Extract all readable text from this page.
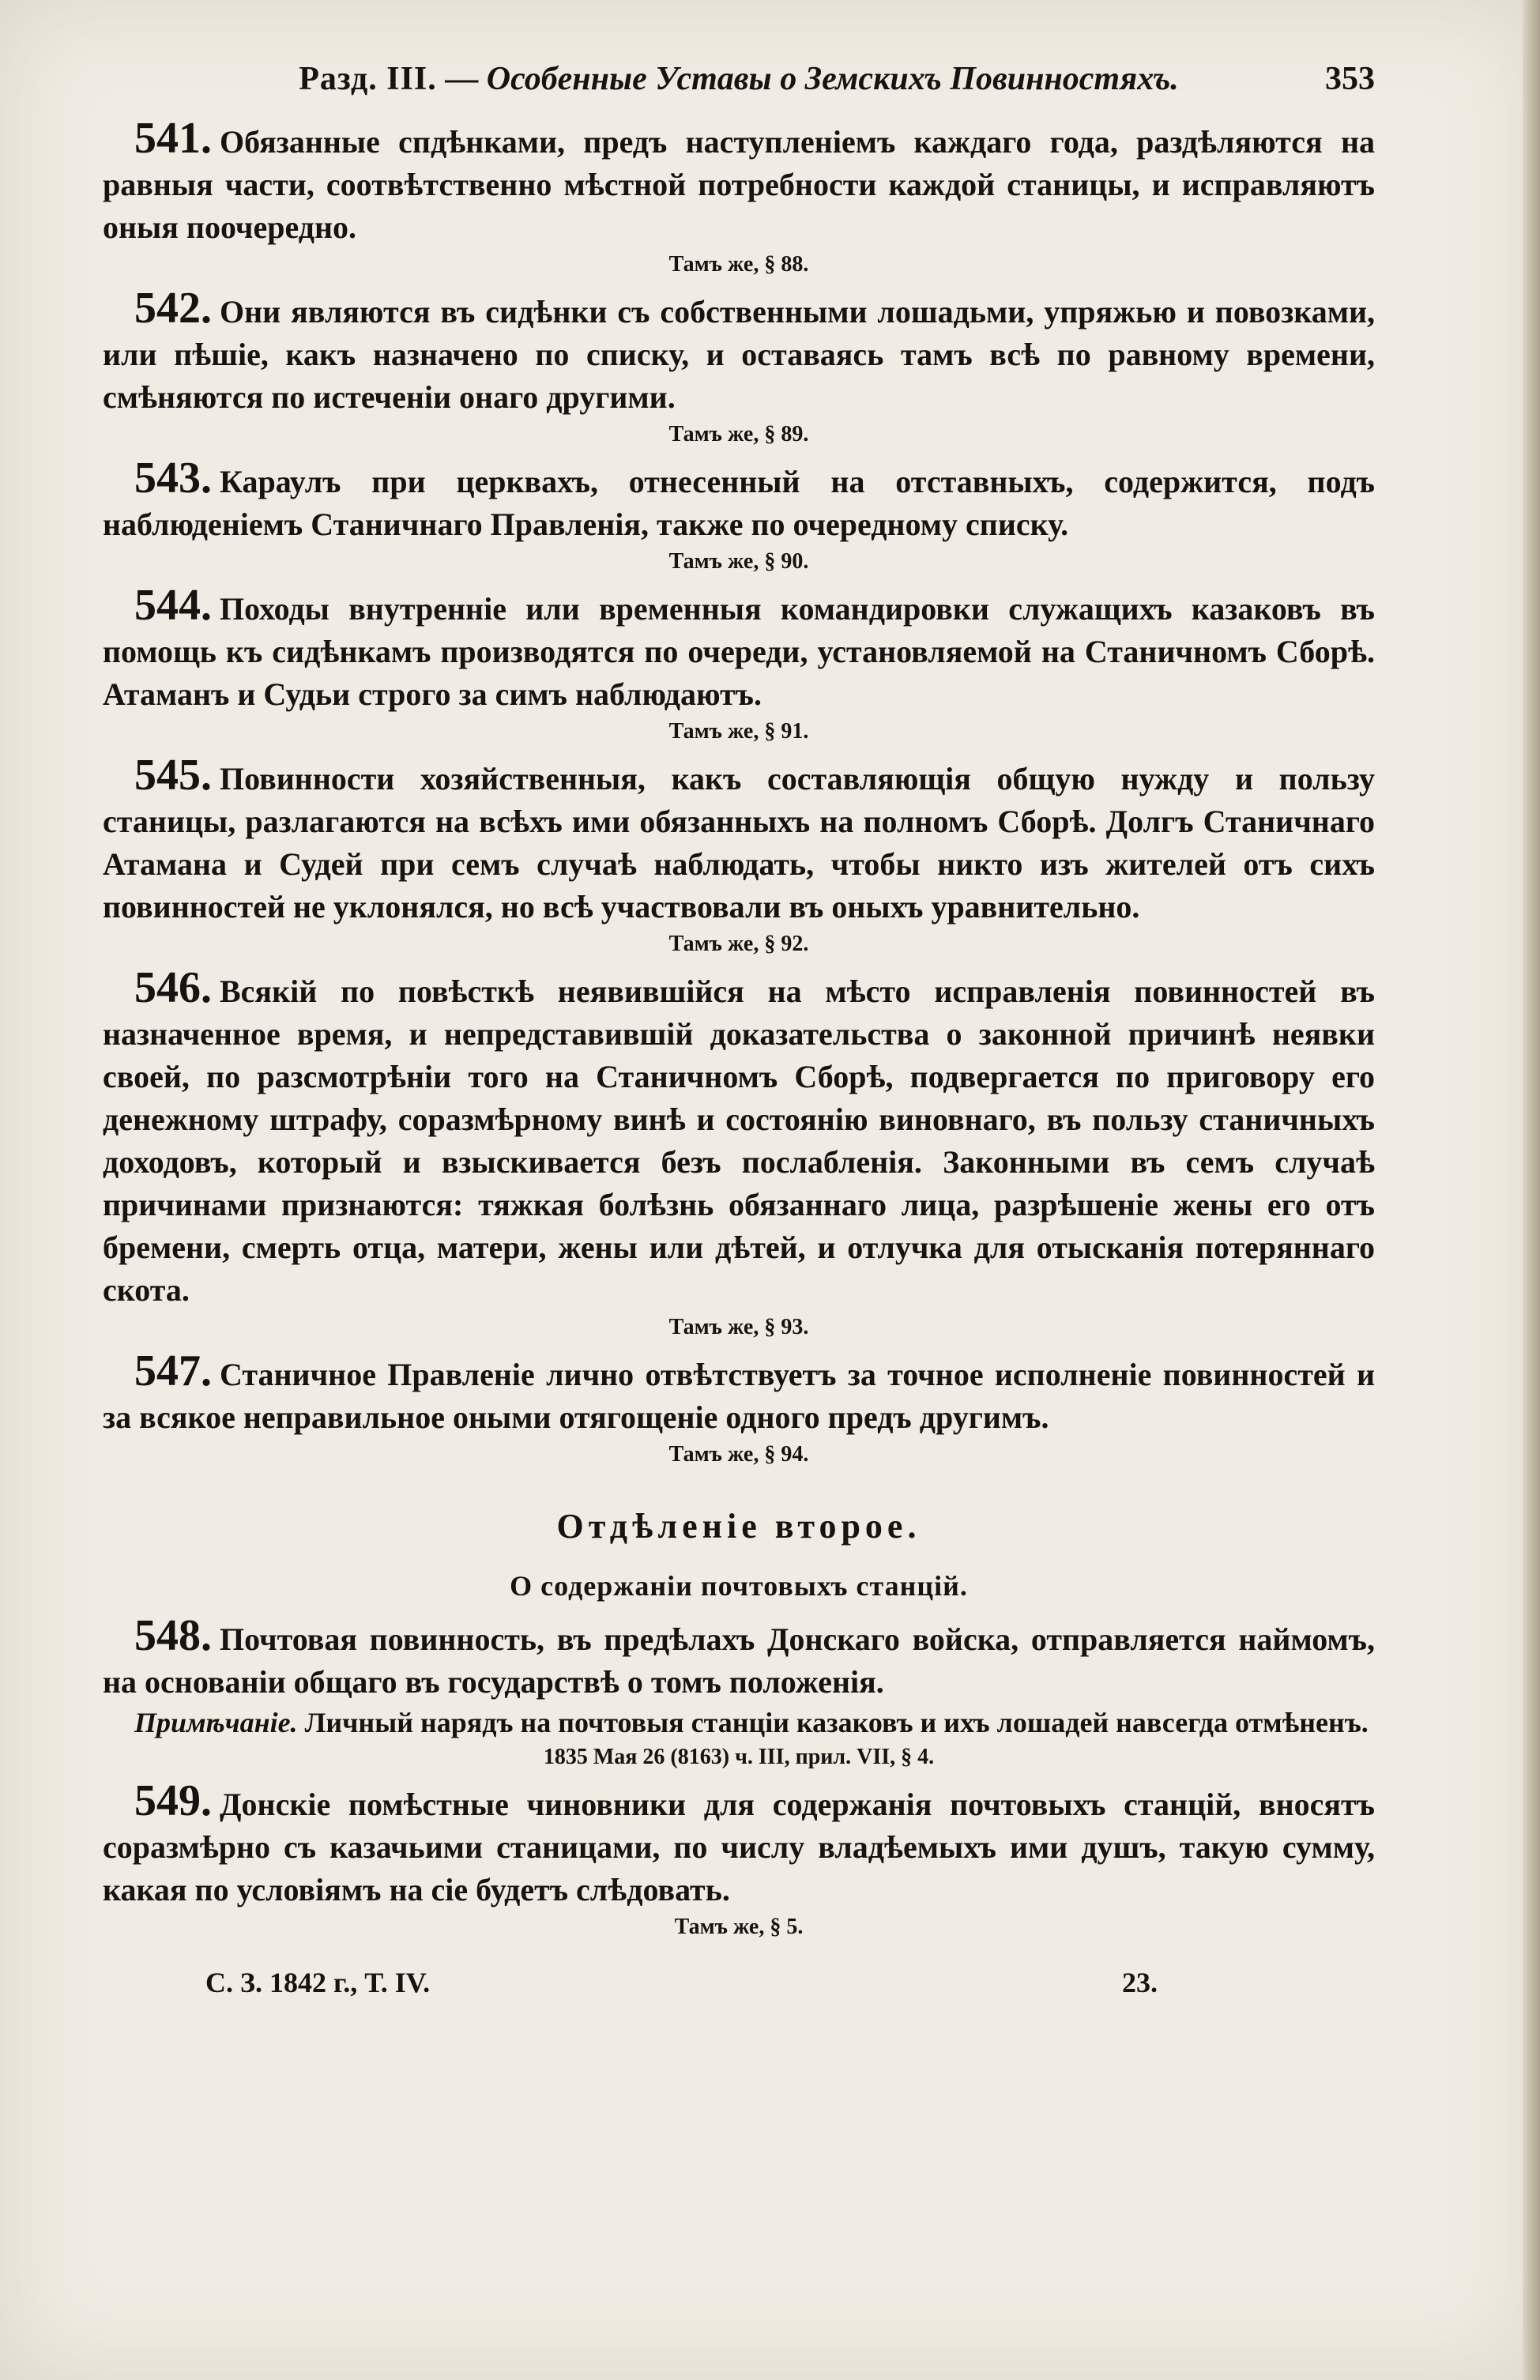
Разд. III. — Особенные Уставы о Земскихъ Повинностяхъ.	353
541. Обязанные спдѣнками, предъ наступленіемъ каждаго года, раздѣляются на равныя части, соотвѣтственно мѣстной потребности каждой станицы, и исправляютъ оныя поочередно.
Тамъ же, § 88.
542. Они являются въ сидѣнки съ собственными лошадьми, упряжью и повозками, или пѣшіе, какъ назначено по списку, и оставаясь тамъ всѣ по равному времени, смѣняются по истеченіи онаго другими.
Тамъ же, § 89.
543. Караулъ при церквахъ, отнесенный на отставныхъ, содержится, подъ наблюденіемъ Станичнаго Правленія, также по очередному списку.
Тамъ же, § 90.
544. Походы внутренніе или временныя командировки служащихъ казаковъ въ помощь къ сидѣнкамъ производятся по очереди, установляемой на Станичномъ Сборѣ. Атаманъ и Судьи строго за симъ наблюдаютъ.
Тамъ же, § 91.
545. Повинности хозяйственныя, какъ составляющія общую нужду и пользу станицы, разлагаются на всѣхъ ими обязанныхъ на полномъ Сборѣ. Долгъ Станичнаго Атамана и Судей при семъ случаѣ наблюдать, чтобы никто изъ жителей отъ сихъ повинностей не уклонялся, но всѣ участвовали въ оныхъ уравнительно.
Тамъ же, § 92.
546. Всякій по повѣсткѣ неявившійся на мѣсто исправленія повинностей въ назначенное время, и непредставившій доказательства о законной причинѣ неявки своей, по разсмотрѣніи того на Станичномъ Сборѣ, подвергается по приговору его денежному штрафу, соразмѣрному винѣ и состоянію виновнаго, въ пользу станичныхъ доходовъ, который и взыскивается безъ послабленія. Законными въ семъ случаѣ причинами признаются: тяжкая болѣзнь обязаннаго лица, разрѣшеніе жены его отъ бремени, смерть отца, матери, жены или дѣтей, и отлучка для отысканія потеряннаго скота.
Тамъ же, § 93.
547. Станичное Правленіе лично отвѣтствуетъ за точное исполненіе повинностей и за всякое неправильное оными отягощеніе одного предъ другимъ.
Тамъ же, § 94.
Отдѣленіе второе.
О содержаніи почтовыхъ станцій.
548. Почтовая повинность, въ предѣлахъ Донскаго войска, отправляется наймомъ, на основаніи общаго въ государствѣ о томъ положенія.
Примѣчаніе. Личный нарядъ на почтовыя станціи казаковъ и ихъ лошадей навсегда отмѣненъ.
1835 Мая 26 (8163) ч. III, прил. VII, § 4.
549. Донскіе помѣстные чиновники для содержанія почтовыхъ станцій, вносятъ соразмѣрно съ казачьими станицами, по числу владѣемыхъ ими душъ, такую сумму, какая по условіямъ на сіе будетъ слѣдовать.
Тамъ же, § 5.
С. З. 1842 г., Т. IV.	23.
